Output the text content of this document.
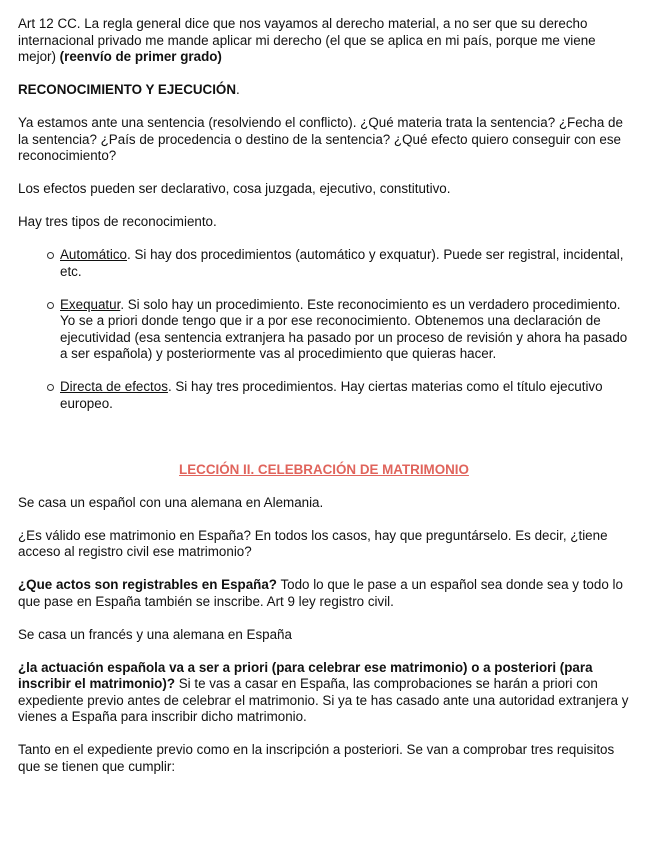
Art 12 CC. La regla general dice que nos vayamos al derecho material, a no ser que su derecho internacional privado me mande aplicar mi derecho (el que se aplica en mi país, porque me viene mejor) (reenvío de primer grado)

RECONOCIMIENTO Y EJECUCIÓN.

Ya estamos ante una sentencia (resolviendo el conflicto). ¿Qué materia trata la sentencia? ¿Fecha de la sentencia? ¿País de procedencia o destino de la sentencia? ¿Qué efecto quiero conseguir con ese reconocimiento?

Los efectos pueden ser declarativo, cosa juzgada, ejecutivo, constitutivo.

Hay tres tipos de reconocimiento.

Automático. Si hay dos procedimientos (automático y exquatur). Puede ser registral, incidental, etc.
Exequatur. Si solo hay un procedimiento. Este reconocimiento es un verdadero procedimiento. Yo se a priori donde tengo que ir a por ese reconocimiento. Obtenemos una declaración de ejecutividad (esa sentencia extranjera ha pasado por un proceso de revisión y ahora ha pasado a ser española) y posteriormente vas al procedimiento que quieras hacer.
Directa de efectos. Si hay tres procedimientos. Hay ciertas materias como el título ejecutivo europeo.

LECCIÓN II. CELEBRACIÓN DE MATRIMONIO

Se casa un español con una alemana en Alemania.

¿Es válido ese matrimonio en España? En todos los casos, hay que preguntárselo. Es decir, ¿tiene acceso al registro civil ese matrimonio?

¿Que actos son registrables en España? Todo lo que le pase a un español sea donde sea y todo lo que pase en España también se inscribe. Art 9 ley registro civil.

Se casa un francés y una alemana en España

¿la actuación española va a ser a priori (para celebrar ese matrimonio) o a posteriori (para inscribir el matrimonio)? Si te vas a casar en España, las comprobaciones se harán a priori con expediente previo antes de celebrar el matrimonio. Si ya te has casado ante una autoridad extranjera y vienes a España para inscribir dicho matrimonio.

Tanto en el expediente previo como en la inscripción a posteriori. Se van a comprobar tres requisitos que se tienen que cumplir:
